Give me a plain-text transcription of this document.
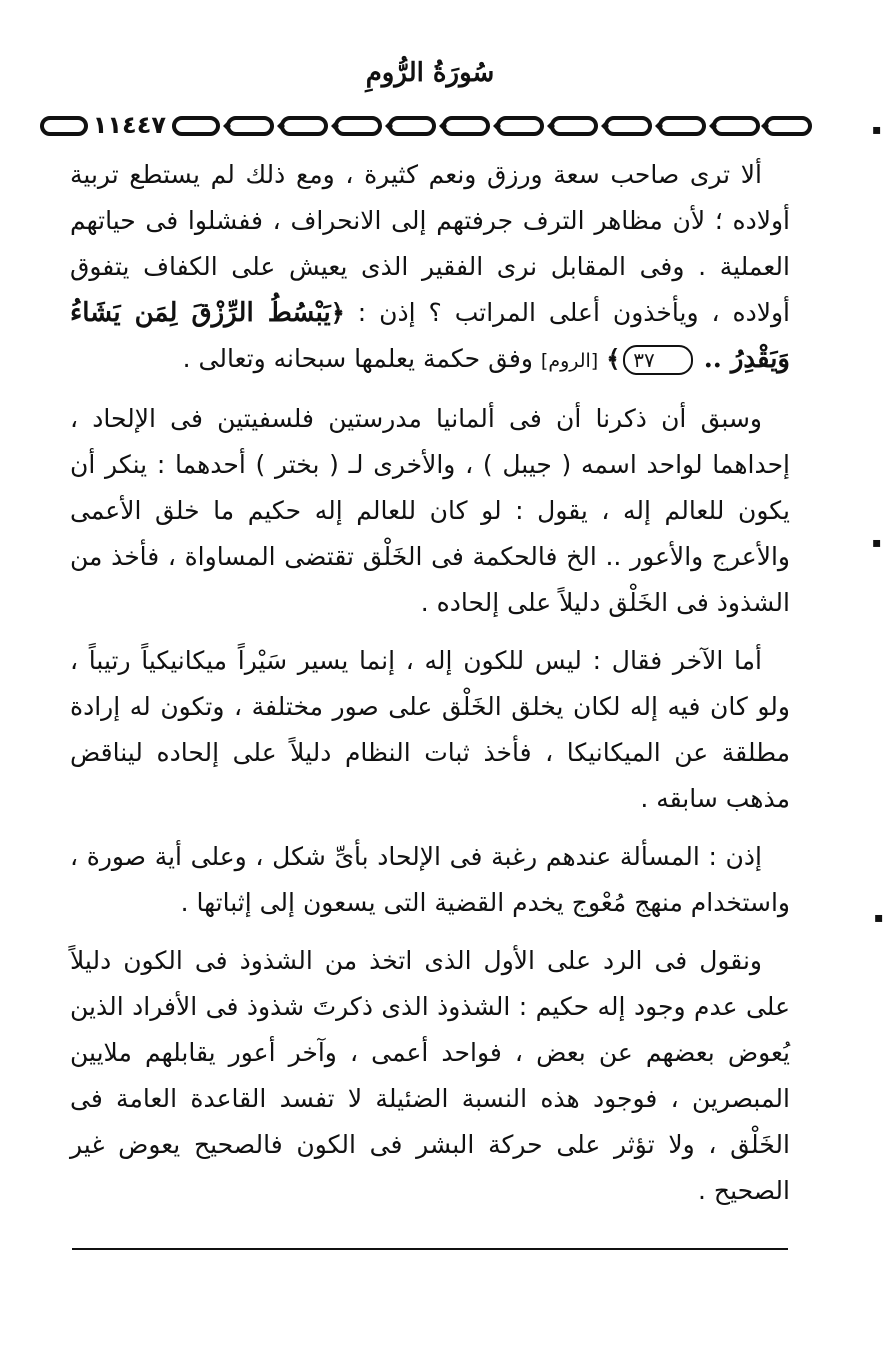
سُورَةُ الرُّومِ
١١٤٤٧

ألا ترى صاحب سعة ورزق ونعم كثيرة ، ومع ذلك لم يستطع تربية أولاده ؛ لأن مظاهر الترف جرفتهم إلى الانحراف ، ففشلوا فى حياتهم العملية . وفى المقابل نرى الفقير الذى يعيش على الكفاف يتفوق أولاده ، ويأخذون أعلى المراتب ؟ إذن : ﴿يَبْسُطُ الرِّزْقَ لِمَن يَشَاءُ وَيَقْدِرُ .. ٣٧﴾ [الروم] وفق حكمة يعلمها سبحانه وتعالى .

وسبق أن ذكرنا أن فى ألمانيا مدرستين فلسفيتين فى الإلحاد ، إحداهما لواحد اسمه ( جيبل ) ، والأخرى لـ ( بختر ) أحدهما : ينكر أن يكون للعالم إله ، يقول : لو كان للعالم إله حكيم ما خلق الأعمى والأعرج والأعور .. الخ فالحكمة فى الخَلْق تقتضى المساواة ، فأخذ من الشذوذ فى الخَلْق دليلاً على إلحاده .

أما الآخر فقال : ليس للكون إله ، إنما يسير سَيْراً ميكانيكياً رتيباً ، ولو كان فيه إله لكان يخلق الخَلْق على صور مختلفة ، وتكون له إرادة مطلقة عن الميكانيكا ، فأخذ ثبات النظام دليلاً على إلحاده ليناقض مذهب سابقه .

إذن : المسألة عندهم رغبة فى الإلحاد بأىِّ شكل ، وعلى أية صورة ، واستخدام منهج مُعْوج يخدم القضية التى يسعون إلى إثباتها .

ونقول فى الرد على الأول الذى اتخذ من الشذوذ فى الكون دليلاً على عدم وجود إله حكيم : الشذوذ الذى ذكرتَ شذوذ فى الأفراد الذين يُعوض بعضهم عن بعض ، فواحد أعمى ، وآخر أعور يقابلهم ملايين المبصرين ، فوجود هذه النسبة الضئيلة لا تفسد القاعدة العامة فى الخَلْق ، ولا تؤثر على حركة البشر فى الكون فالصحيح يعوض غير الصحيح .

▪
▪
▪
